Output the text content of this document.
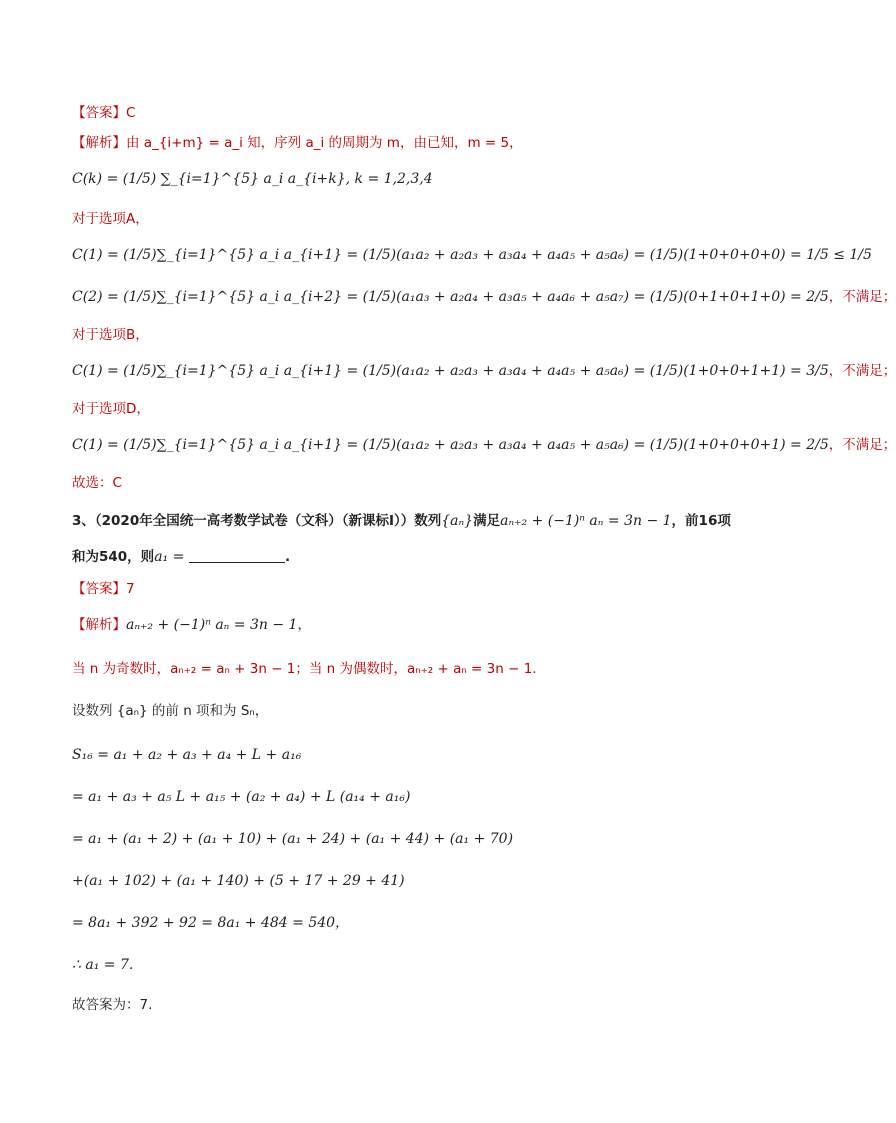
【答案】C
【解析】由 a_{i+m} = a_i 知，序列 a_i 的周期为 m，由已知，m = 5，
C(k) = (1/5) ∑_{i=1}^{5} a_i a_{i+k}, k = 1,2,3,4
对于选项A，
C(1) = (1/5)∑_{i=1}^{5} a_i a_{i+1} = (1/5)(a₁a₂ + a₂a₃ + a₃a₄ + a₄a₅ + a₅a₆) = (1/5)(1+0+0+0+0) = 1/5 ≤ 1/5
C(2) = (1/5)∑_{i=1}^{5} a_i a_{i+2} = (1/5)(a₁a₃ + a₂a₄ + a₃a₅ + a₄a₆ + a₅a₇) = (1/5)(0+1+0+1+0) = 2/5，不满足；
对于选项B，
C(1) = (1/5)∑_{i=1}^{5} a_i a_{i+1} = (1/5)(a₁a₂ + a₂a₃ + a₃a₄ + a₄a₅ + a₅a₆) = (1/5)(1+0+0+1+1) = 3/5，不满足；
对于选项D，
C(1) = (1/5)∑_{i=1}^{5} a_i a_{i+1} = (1/5)(a₁a₂ + a₂a₃ + a₃a₄ + a₄a₅ + a₅a₆) = (1/5)(1+0+0+0+1) = 2/5，不满足；
故选：C
3、（2020年全国统一高考数学试卷（文科）（新课标Ⅰ））数列{aₙ}满足aₙ₊₂ + (−1)ⁿ aₙ = 3n − 1，前16项
和为540，则a₁ =	.
【答案】7
【解析】aₙ₊₂ + (−1)ⁿ aₙ = 3n − 1，
当 n 为奇数时，aₙ₊₂ = aₙ + 3n − 1；当 n 为偶数时，aₙ₊₂ + aₙ = 3n − 1.
设数列 {aₙ} 的前 n 项和为 Sₙ，
S₁₆ = a₁ + a₂ + a₃ + a₄ + L + a₁₆
= a₁ + a₃ + a₅ L + a₁₅ + (a₂ + a₄) + L (a₁₄ + a₁₆)
= a₁ + (a₁ + 2) + (a₁ + 10) + (a₁ + 24) + (a₁ + 44) + (a₁ + 70)
+(a₁ + 102) + (a₁ + 140) + (5 + 17 + 29 + 41)
= 8a₁ + 392 + 92 = 8a₁ + 484 = 540，
∴ a₁ = 7.
故答案为：7.
